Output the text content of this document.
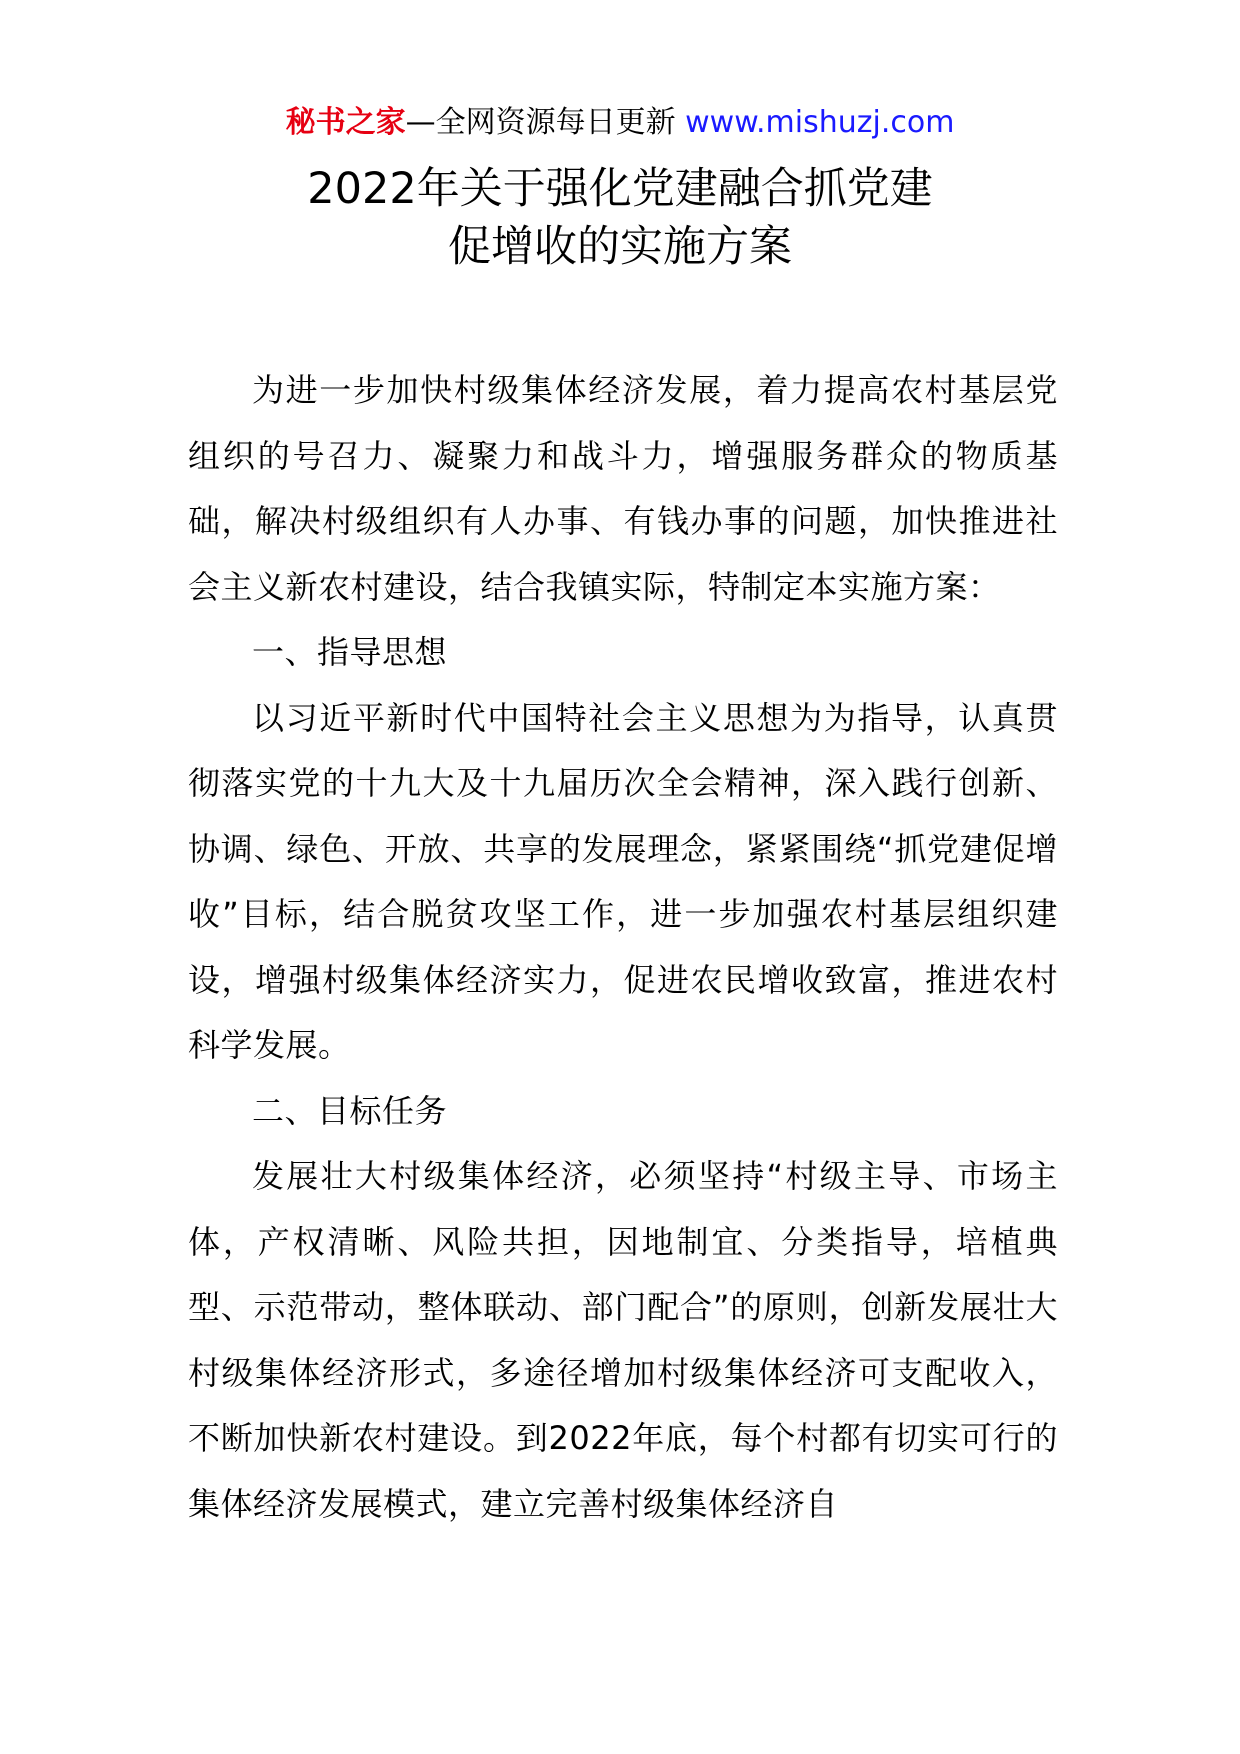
秘书之家—全网资源每日更新 www.mishuzj.com
2022年关于强化党建融合抓党建
促增收的实施方案

为进一步加快村级集体经济发展，着力提高农村基层党组织的号召力、凝聚力和战斗力，增强服务群众的物质基础，解决村级组织有人办事、有钱办事的问题，加快推进社会主义新农村建设，结合我镇实际，特制定本实施方案：

一、指导思想

以习近平新时代中国特社会主义思想为为指导，认真贯彻落实党的十九大及十九届历次全会精神，深入践行创新、协调、绿色、开放、共享的发展理念，紧紧围绕“抓党建促增收”目标，结合脱贫攻坚工作，进一步加强农村基层组织建设，增强村级集体经济实力，促进农民增收致富，推进农村科学发展。

二、目标任务

发展壮大村级集体经济，必须坚持“村级主导、市场主体，产权清晰、风险共担，因地制宜、分类指导，培植典型、示范带动，整体联动、部门配合”的原则，创新发展壮大村级集体经济形式，多途径增加村级集体经济可支配收入，不断加快新农村建设。到2022年底，每个村都有切实可行的集体经济发展模式，建立完善村级集体经济自
